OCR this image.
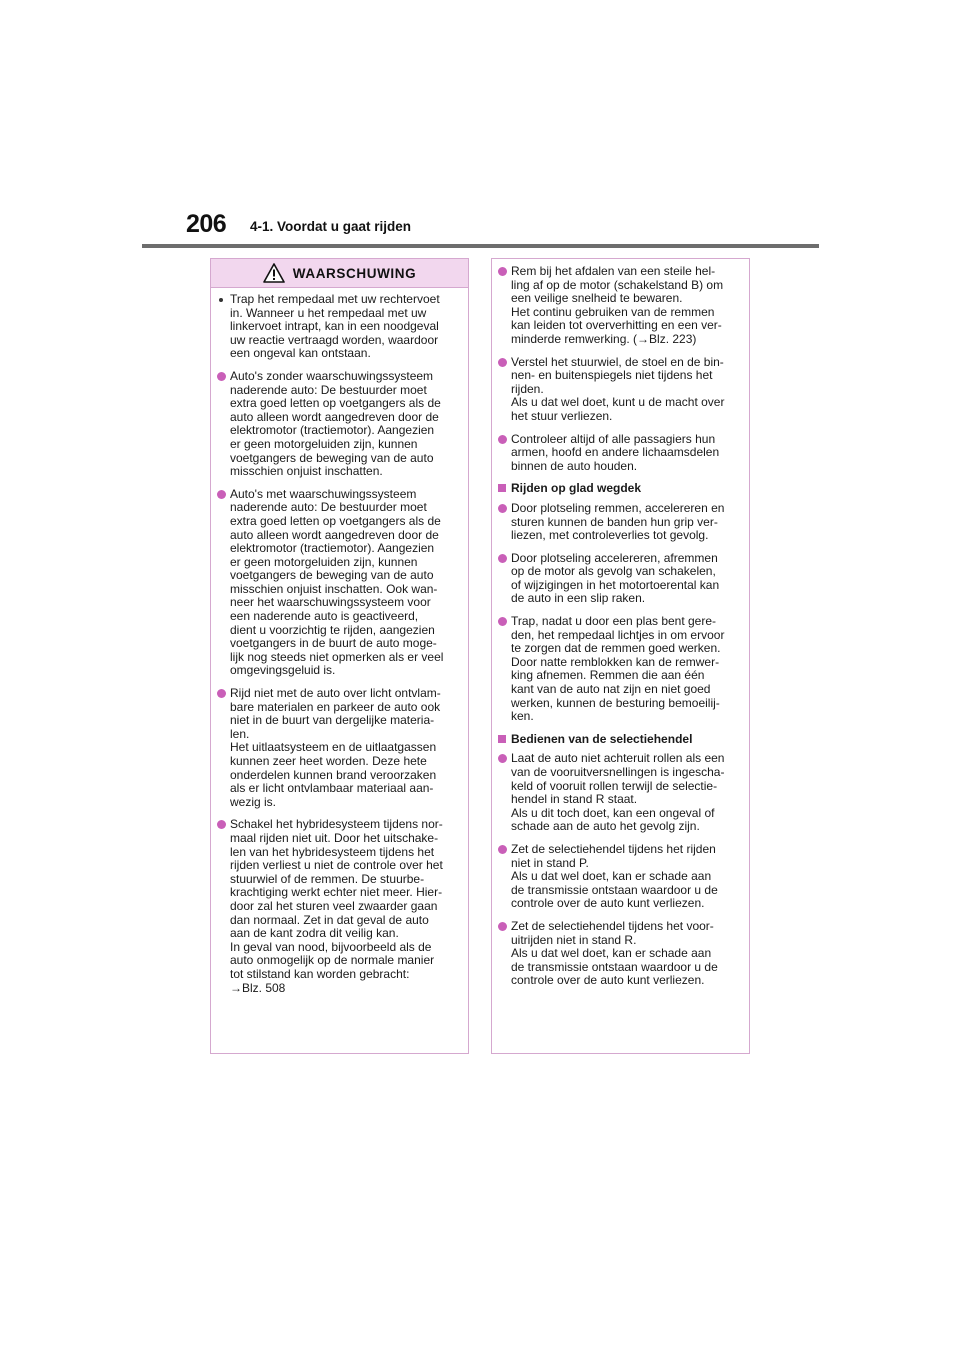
206 4-1. Voordat u gaat rijden
WAARSCHUWING
Trap het rempedaal met uw rechtervoet
in. Wanneer u het rempedaal met uw
linkervoet intrapt, kan in een noodgeval
uw reactie vertraagd worden, waardoor
een ongeval kan ontstaan.
Auto's zonder waarschuwingssysteem
naderende auto: De bestuurder moet
extra goed letten op voetgangers als de
auto alleen wordt aangedreven door de
elektromotor (tractiemotor). Aangezien
er geen motorgeluiden zijn, kunnen
voetgangers de beweging van de auto
misschien onjuist inschatten.
Auto's met waarschuwingssysteem
naderende auto: De bestuurder moet
extra goed letten op voetgangers als de
auto alleen wordt aangedreven door de
elektromotor (tractiemotor). Aangezien
er geen motorgeluiden zijn, kunnen
voetgangers de beweging van de auto
misschien onjuist inschatten. Ook wan-
neer het waarschuwingssysteem voor
een naderende auto is geactiveerd,
dient u voorzichtig te rijden, aangezien
voetgangers in de buurt de auto moge-
lijk nog steeds niet opmerken als er veel
omgevingsgeluid is.
Rijd niet met de auto over licht ontvlam-
bare materialen en parkeer de auto ook
niet in de buurt van dergelijke materia-
len.
Het uitlaatsysteem en de uitlaatgassen
kunnen zeer heet worden. Deze hete
onderdelen kunnen brand veroorzaken
als er licht ontvlambaar materiaal aan-
wezig is.
Schakel het hybridesysteem tijdens nor-
maal rijden niet uit. Door het uitschake-
len van het hybridesysteem tijdens het
rijden verliest u niet de controle over het
stuurwiel of de remmen. De stuurbe-
krachtiging werkt echter niet meer. Hier-
door zal het sturen veel zwaarder gaan
dan normaal. Zet in dat geval de auto
aan de kant zodra dit veilig kan.
In geval van nood, bijvoorbeeld als de
auto onmogelijk op de normale manier
tot stilstand kan worden gebracht:
→Blz. 508
Rem bij het afdalen van een steile hel-
ling af op de motor (schakelstand B) om
een veilige snelheid te bewaren.
Het continu gebruiken van de remmen
kan leiden tot oververhitting en een ver-
minderde remwerking. (→Blz. 223)
Verstel het stuurwiel, de stoel en de bin-
nen- en buitenspiegels niet tijdens het
rijden.
Als u dat wel doet, kunt u de macht over
het stuur verliezen.
Controleer altijd of alle passagiers hun
armen, hoofd en andere lichaamsdelen
binnen de auto houden.
Rijden op glad wegdek
Door plotseling remmen, accelereren en
sturen kunnen de banden hun grip ver-
liezen, met controleverlies tot gevolg.
Door plotseling accelereren, afremmen
op de motor als gevolg van schakelen,
of wijzigingen in het motortoerental kan
de auto in een slip raken.
Trap, nadat u door een plas bent gere-
den, het rempedaal lichtjes in om ervoor
te zorgen dat de remmen goed werken.
Door natte remblokken kan de remwer-
king afnemen. Remmen die aan één
kant van de auto nat zijn en niet goed
werken, kunnen de besturing bemoeilij-
ken.
Bedienen van de selectiehendel
Laat de auto niet achteruit rollen als een
van de vooruitversnellingen is ingescha-
keld of vooruit rollen terwijl de selectie-
hendel in stand R staat.
Als u dit toch doet, kan een ongeval of
schade aan de auto het gevolg zijn.
Zet de selectiehendel tijdens het rijden
niet in stand P.
Als u dat wel doet, kan er schade aan
de transmissie ontstaan waardoor u de
controle over de auto kunt verliezen.
Zet de selectiehendel tijdens het voor-
uitrijden niet in stand R.
Als u dat wel doet, kan er schade aan
de transmissie ontstaan waardoor u de
controle over de auto kunt verliezen.
